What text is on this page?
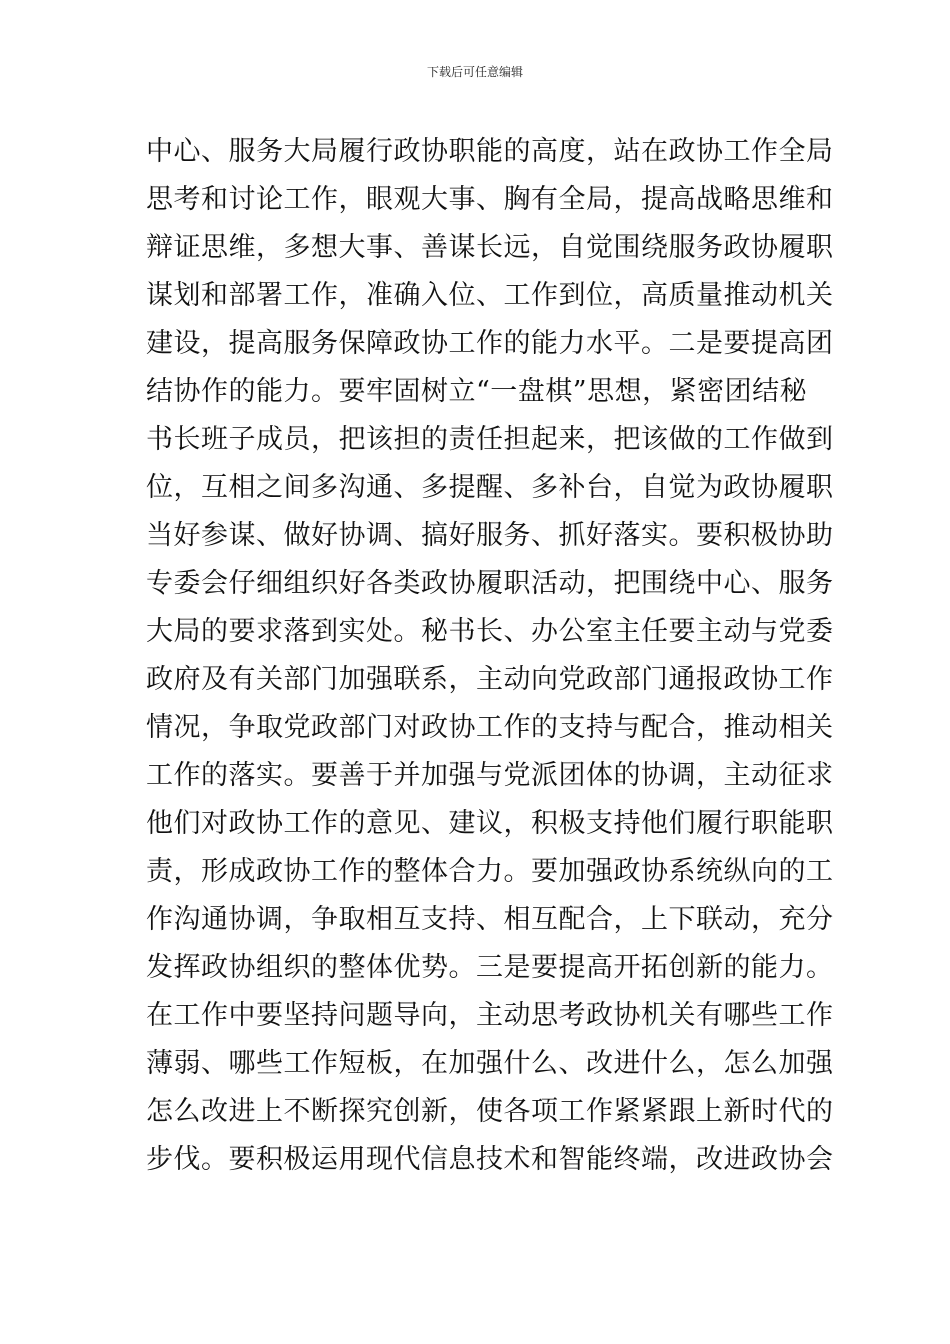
下载后可任意编辑
中心、服务大局履行政协职能的高度，站在政协工作全局
思考和讨论工作，眼观大事、胸有全局，提高战略思维和
辩证思维，多想大事、善谋长远，自觉围绕服务政协履职
谋划和部署工作，准确入位、工作到位，高质量推动机关
建设，提高服务保障政协工作的能力水平。二是要提高团
结协作的能力。要牢固树立“一盘棋”思想，紧密团结秘
书长班子成员，把该担的责任担起来，把该做的工作做到
位，互相之间多沟通、多提醒、多补台，自觉为政协履职
当好参谋、做好协调、搞好服务、抓好落实。要积极协助
专委会仔细组织好各类政协履职活动，把围绕中心、服务
大局的要求落到实处。秘书长、办公室主任要主动与党委
政府及有关部门加强联系，主动向党政部门通报政协工作
情况，争取党政部门对政协工作的支持与配合，推动相关
工作的落实。要善于并加强与党派团体的协调，主动征求
他们对政协工作的意见、建议，积极支持他们履行职能职
责，形成政协工作的整体合力。要加强政协系统纵向的工
作沟通协调，争取相互支持、相互配合，上下联动，充分
发挥政协组织的整体优势。三是要提高开拓创新的能力。
在工作中要坚持问题导向，主动思考政协机关有哪些工作
薄弱、哪些工作短板，在加强什么、改进什么，怎么加强
怎么改进上不断探究创新，使各项工作紧紧跟上新时代的
步伐。要积极运用现代信息技术和智能终端，改进政协会
